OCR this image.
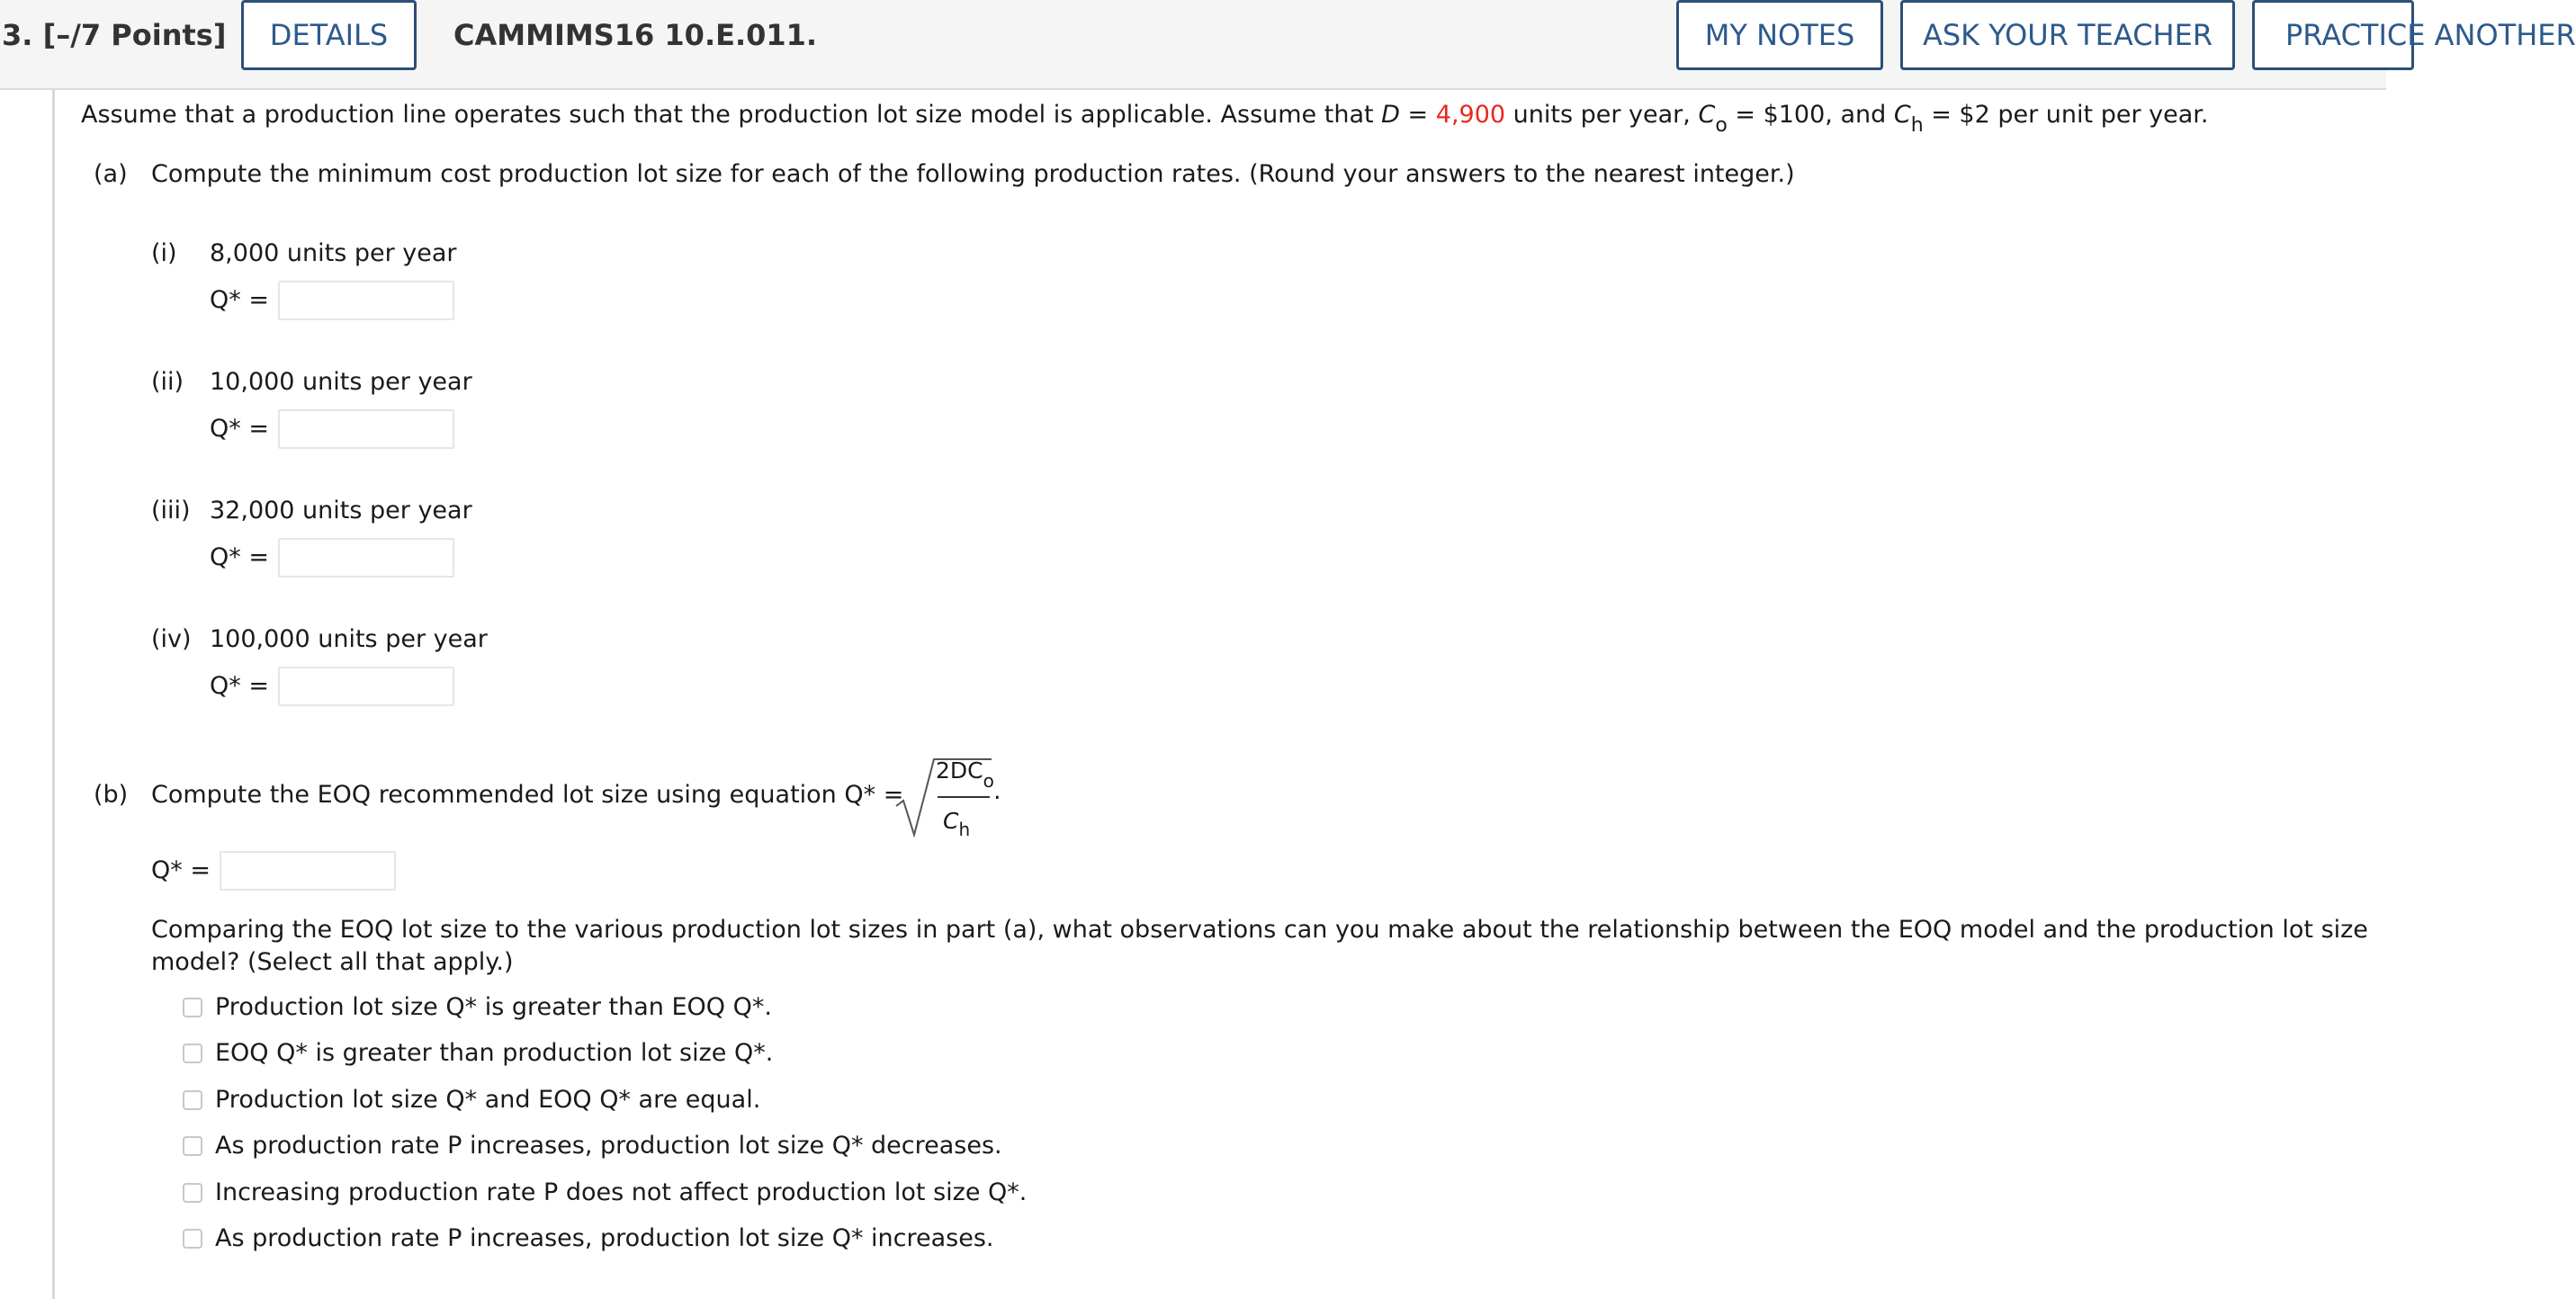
3. [–/7 Points]	DETAILS	CAMMIMS16 10.E.011.	MY NOTES	ASK YOUR TEACHER	PRACTICE ANOTHER
Assume that a production line operates such that the production lot size model is applicable. Assume that D = 4,900 units per year, $C_o$ = $100, and $C_h$ = $2 per unit per year.
(a) Compute the minimum cost production lot size for each of the following production rates. (Round your answers to the nearest integer.)
(i) 8,000 units per year
Q* =
(ii) 10,000 units per year
Q* =
(iii) 32,000 units per year
Q* =
(iv) 100,000 units per year
Q* =
(b) Compute the EOQ recommended lot size using equation Q* =
$2DC_o$
$C_h$
.
Q* =
Comparing the EOQ lot size to the various production lot sizes in part (a), what observations can you make about the relationship between the EOQ model and the production lot size
model? (Select all that apply.)
Production lot size Q* is greater than EOQ Q*.
EOQ Q* is greater than production lot size Q*.
Production lot size Q* and EOQ Q* are equal.
As production rate P increases, production lot size Q* decreases.
Increasing production rate P does not affect production lot size Q*.
As production rate P increases, production lot size Q* increases.
